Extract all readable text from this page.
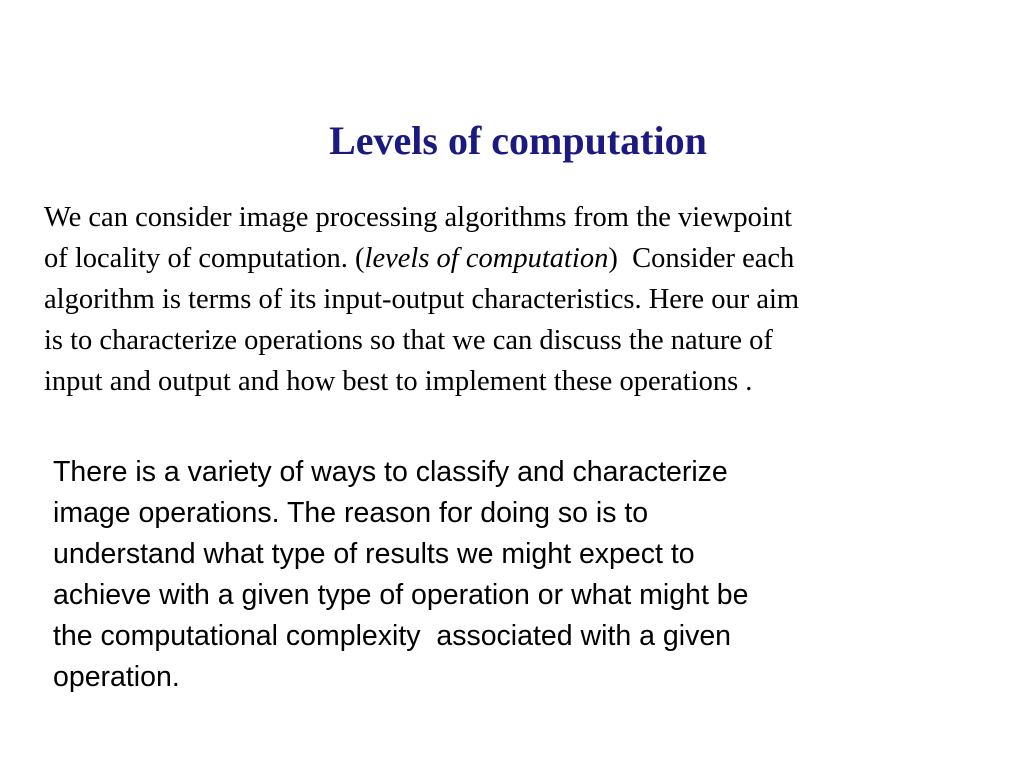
Levels of computation
We can consider image processing algorithms from the viewpoint
of locality of computation. (levels of computation)  Consider each
algorithm is terms of its input-output characteristics. Here our aim
is to characterize operations so that we can discuss the nature of
input and output and how best to implement these operations .
There is a variety of ways to classify and characterize
image operations. The reason for doing so is to
understand what type of results we might expect to
achieve with a given type of operation or what might be
the computational complexity  associated with a given
operation.
